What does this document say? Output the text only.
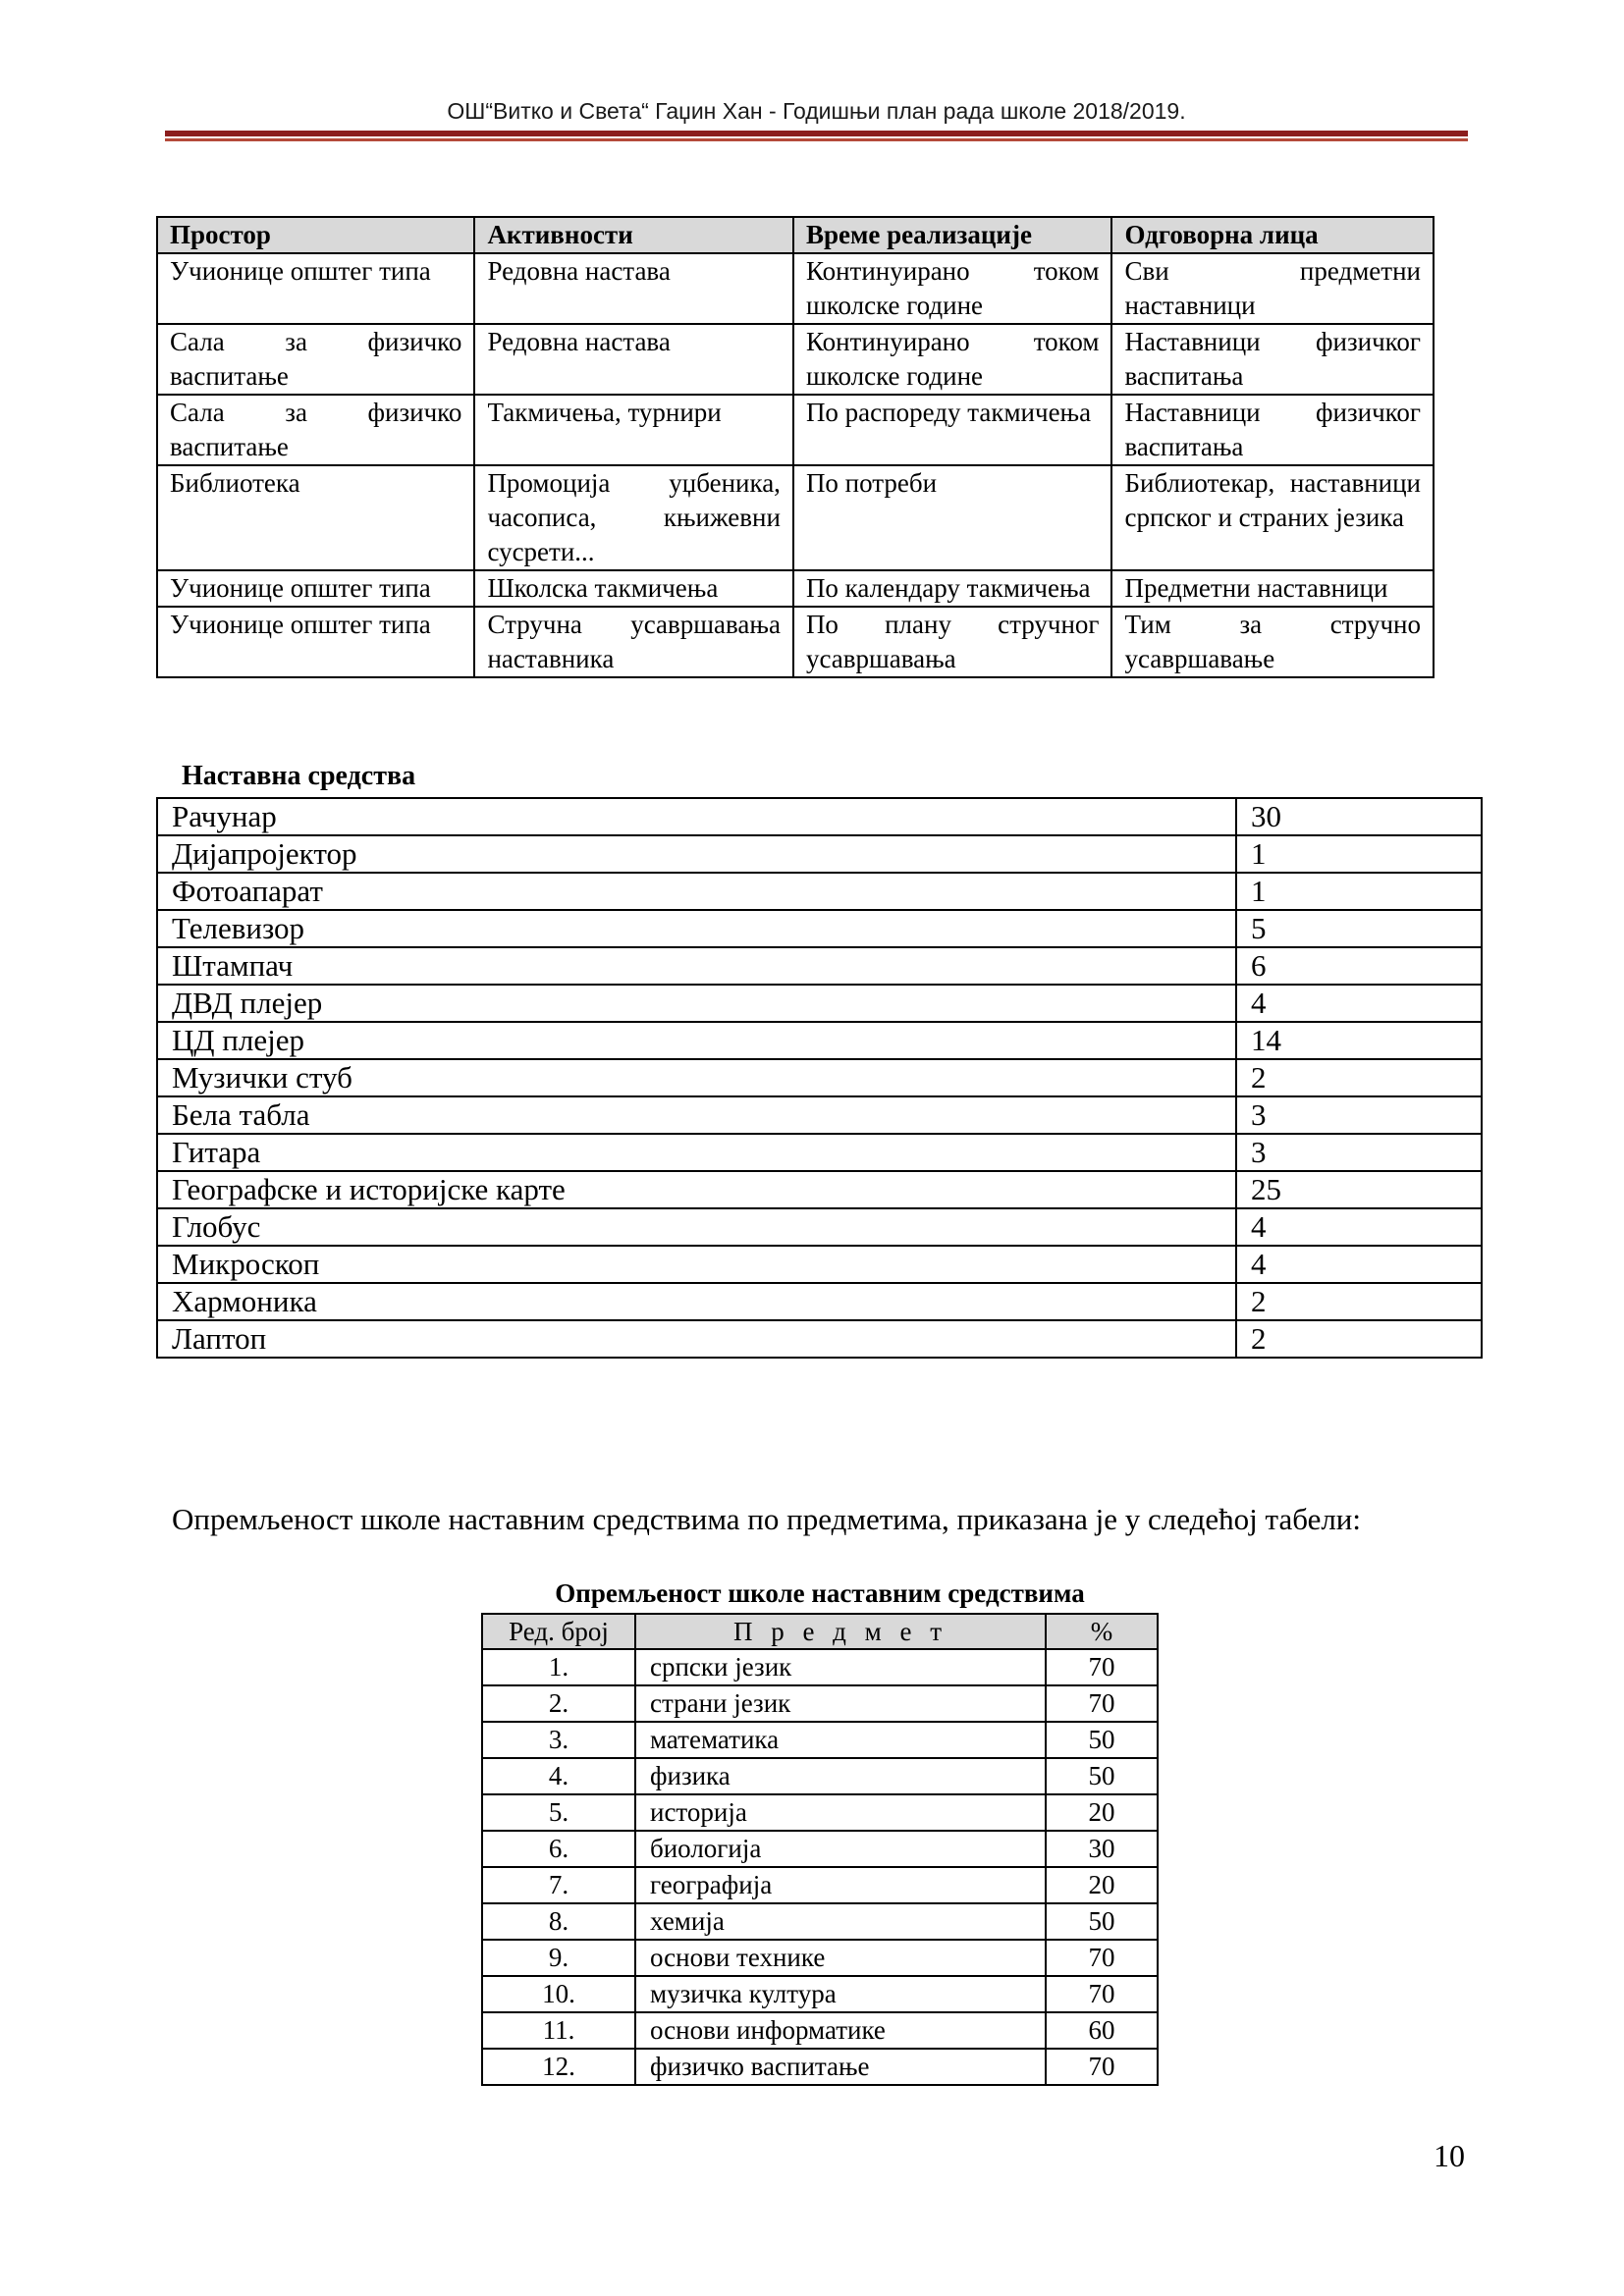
ОШ“Витко и Света“ Гаџин Хан - Годишњи план рада школе 2018/2019.
Простор	Активности	Време реализације	Одговорна лица
Учионице општег типа	Редовна настава	Континуирано током школске године	Сви предметни наставници
Сала за физичко васпитање	Редовна настава	Континуирано током школске године	Наставници физичког васпитања
Сала за физичко васпитање	Такмичења, турнири	По распореду такмичења	Наставници физичког васпитања
Библиотека	Промоција уџбеника, часописа, књижевни сусрети...	По потреби	Библиотекар, наставници српског и страних језика
Учионице општег типа	Школска такмичења	По календару такмичења	Предметни наставници
Учионице општег типа	Стручна усавршавања наставника	По плану стручног усавршавања	Тим за стручно усавршавање
Наставна средства
Рачунар	30
Дијапројектор	1
Фотоапарат	1
Телевизор	5
Штампач	6
ДВД плејер	4
ЦД плејер	14
Музички стуб	2
Бела табла	3
Гитара	3
Географске и историјске карте	25
Глобус	4
Микроскоп	4
Хармоника	2
Лаптоп	2
Опремљеност школе наставним средствима по предметима, приказана је у следећој табели:
Опремљеност школе наставним средствима
Ред. број	П р е д м е т	%
1.	српски језик	70
2.	страни језик	70
3.	математика	50
4.	физика	50
5.	историја	20
6.	биологија	30
7.	географија	20
8.	хемија	50
9.	основи технике	70
10.	музичка култура	70
11.	основи информатике	60
12.	физичко васпитање	70
10
